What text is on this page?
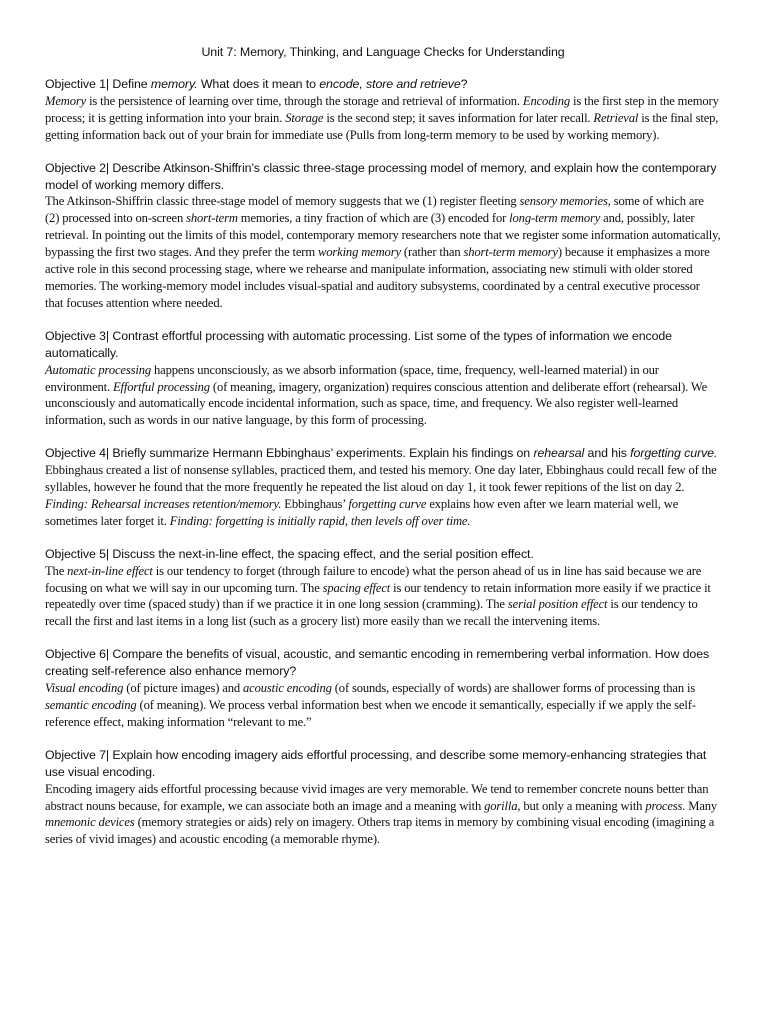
Unit 7: Memory, Thinking, and Language Checks for Understanding

Objective 1| Define memory. What does it mean to encode, store and retrieve?

Memory is the persistence of learning over time, through the storage and retrieval of information. Encoding is the first step in the memory process; it is getting information into your brain. Storage is the second step; it saves information for later recall. Retrieval is the final step, getting information back out of your brain for immediate use (Pulls from long-term memory to be used by working memory).

Objective 2| Describe Atkinson-Shiffrin’s classic three-stage processing model of memory, and explain how the contemporary model of working memory differs.

The Atkinson-Shiffrin classic three-stage model of memory suggests that we (1) register fleeting sensory memories, some of which are (2) processed into on-screen short-term memories, a tiny fraction of which are (3) encoded for long-term memory and, possibly, later retrieval. In pointing out the limits of this model, contemporary memory researchers note that we register some information automatically, bypassing the first two stages. And they prefer the term working memory (rather than short-term memory) because it emphasizes a more active role in this second processing stage, where we rehearse and manipulate information, associating new stimuli with older stored memories. The working-memory model includes visual-spatial and auditory subsystems, coordinated by a central executive processor that focuses attention where needed.

Objective 3| Contrast effortful processing with automatic processing. List some of the types of information we encode automatically.

Automatic processing happens unconsciously, as we absorb information (space, time, frequency, well-learned material) in our environment. Effortful processing (of meaning, imagery, organization) requires conscious attention and deliberate effort (rehearsal). We unconsciously and automatically encode incidental information, such as space, time, and frequency. We also register well-learned information, such as words in our native language, by this form of processing.

Objective 4| Briefly summarize Hermann Ebbinghaus’ experiments. Explain his findings on rehearsal and his forgetting curve.

Ebbinghaus created a list of nonsense syllables, practiced them, and tested his memory. One day later, Ebbinghaus could recall few of the syllables, however he found that the more frequently he repeated the list aloud on day 1, it took fewer repitions of the list on day 2. Finding: Rehearsal increases retention/memory. Ebbinghaus’ forgetting curve explains how even after we learn material well, we sometimes later forget it. Finding: forgetting is initially rapid, then levels off over time.

Objective 5| Discuss the next-in-line effect, the spacing effect, and the serial position effect.

The next-in-line effect is our tendency to forget (through failure to encode) what the person ahead of us in line has said because we are focusing on what we will say in our upcoming turn. The spacing effect is our tendency to retain information more easily if we practice it repeatedly over time (spaced study) than if we practice it in one long session (cramming). The serial position effect is our tendency to recall the first and last items in a long list (such as a grocery list) more easily than we recall the intervening items.

Objective 6| Compare the benefits of visual, acoustic, and semantic encoding in remembering verbal information. How does creating self-reference also enhance memory?

Visual encoding (of picture images) and acoustic encoding (of sounds, especially of words) are shallower forms of processing than is semantic encoding (of meaning). We process verbal information best when we encode it semantically, especially if we apply the self-reference effect, making information “relevant to me.”

Objective 7| Explain how encoding imagery aids effortful processing, and describe some memory-enhancing strategies that use visual encoding.

Encoding imagery aids effortful processing because vivid images are very memorable. We tend to remember concrete nouns better than abstract nouns because, for example, we can associate both an image and a meaning with gorilla, but only a meaning with process. Many mnemonic devices (memory strategies or aids) rely on imagery. Others trap items in memory by combining visual encoding (imagining a series of vivid images) and acoustic encoding (a memorable rhyme).
